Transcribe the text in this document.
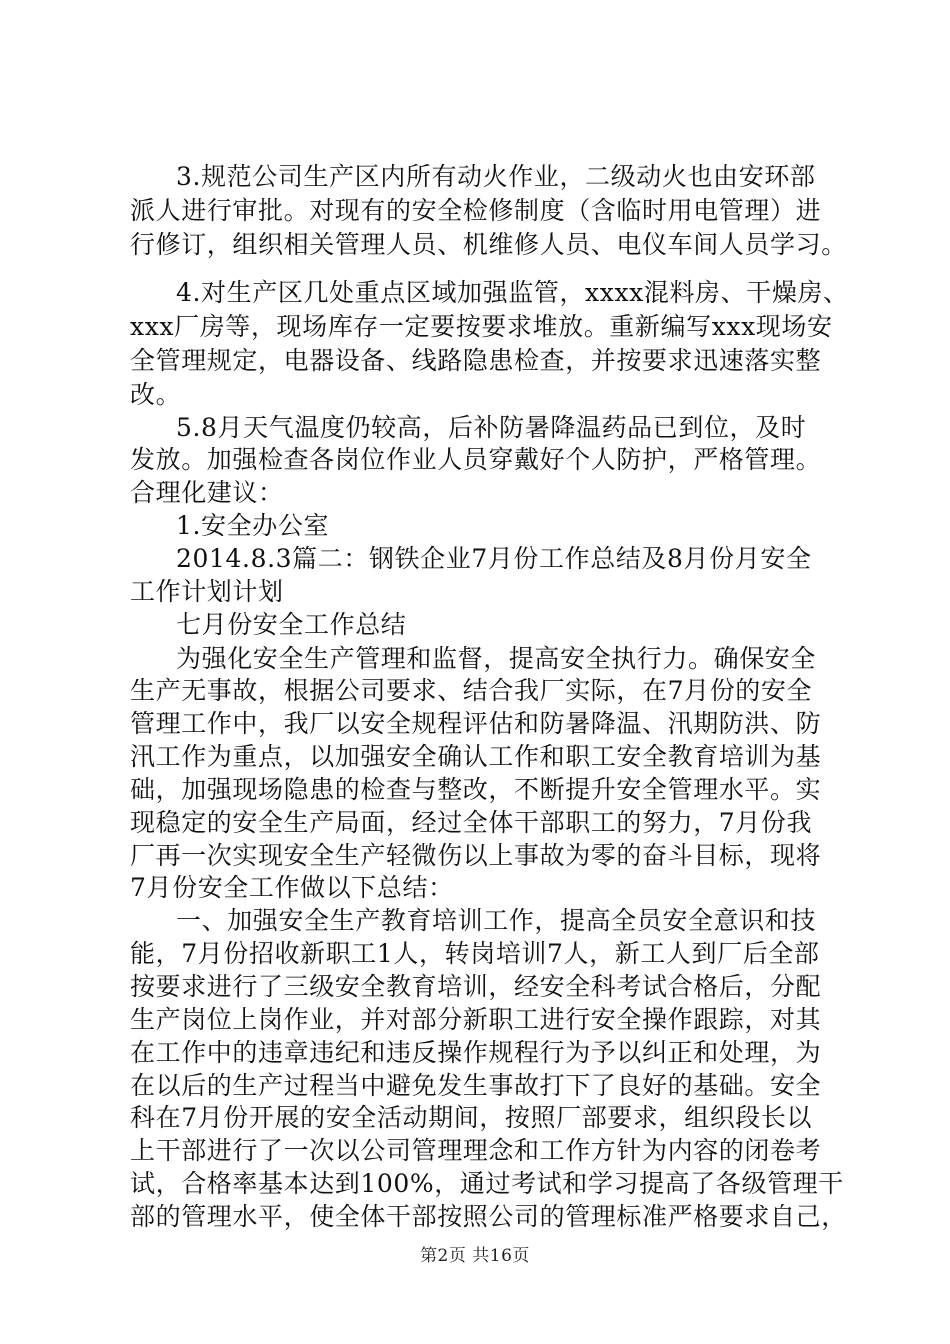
3.规范公司生产区内所有动火作业，二级动火也由安环部
派人进行审批。对现有的安全检修制度（含临时用电管理）进
行修订，组织相关管理人员、机维修人员、电仪车间人员学习。
4.对生产区几处重点区域加强监管，xxxx混料房、干燥房、
xxx厂房等，现场库存一定要按要求堆放。重新编写xxx现场安
全管理规定，电器设备、线路隐患检查，并按要求迅速落实整
改。
5.8月天气温度仍较高，后补防暑降温药品已到位，及时
发放。加强检查各岗位作业人员穿戴好个人防护，严格管理。
合理化建议：
1.安全办公室
2014.8.3篇二：钢铁企业7月份工作总结及8月份月安全
工作计划计划
七月份安全工作总结
为强化安全生产管理和监督，提高安全执行力。确保安全
生产无事故，根据公司要求、结合我厂实际，在7月份的安全
管理工作中，我厂以安全规程评估和防暑降温、汛期防洪、防
汛工作为重点，以加强安全确认工作和职工安全教育培训为基
础，加强现场隐患的检查与整改，不断提升安全管理水平。实
现稳定的安全生产局面，经过全体干部职工的努力，7月份我
厂再一次实现安全生产轻微伤以上事故为零的奋斗目标，现将
7月份安全工作做以下总结：
一、加强安全生产教育培训工作，提高全员安全意识和技
能，7月份招收新职工1人，转岗培训7人，新工人到厂后全部
按要求进行了三级安全教育培训，经安全科考试合格后，分配
生产岗位上岗作业，并对部分新职工进行安全操作跟踪，对其
在工作中的违章违纪和违反操作规程行为予以纠正和处理，为
在以后的生产过程当中避免发生事故打下了良好的基础。安全
科在7月份开展的安全活动期间，按照厂部要求，组织段长以
上干部进行了一次以公司管理理念和工作方针为内容的闭卷考
试，合格率基本达到100%，通过考试和学习提高了各级管理干
部的管理水平，使全体干部按照公司的管理标准严格要求自己，
第2页 共16页
